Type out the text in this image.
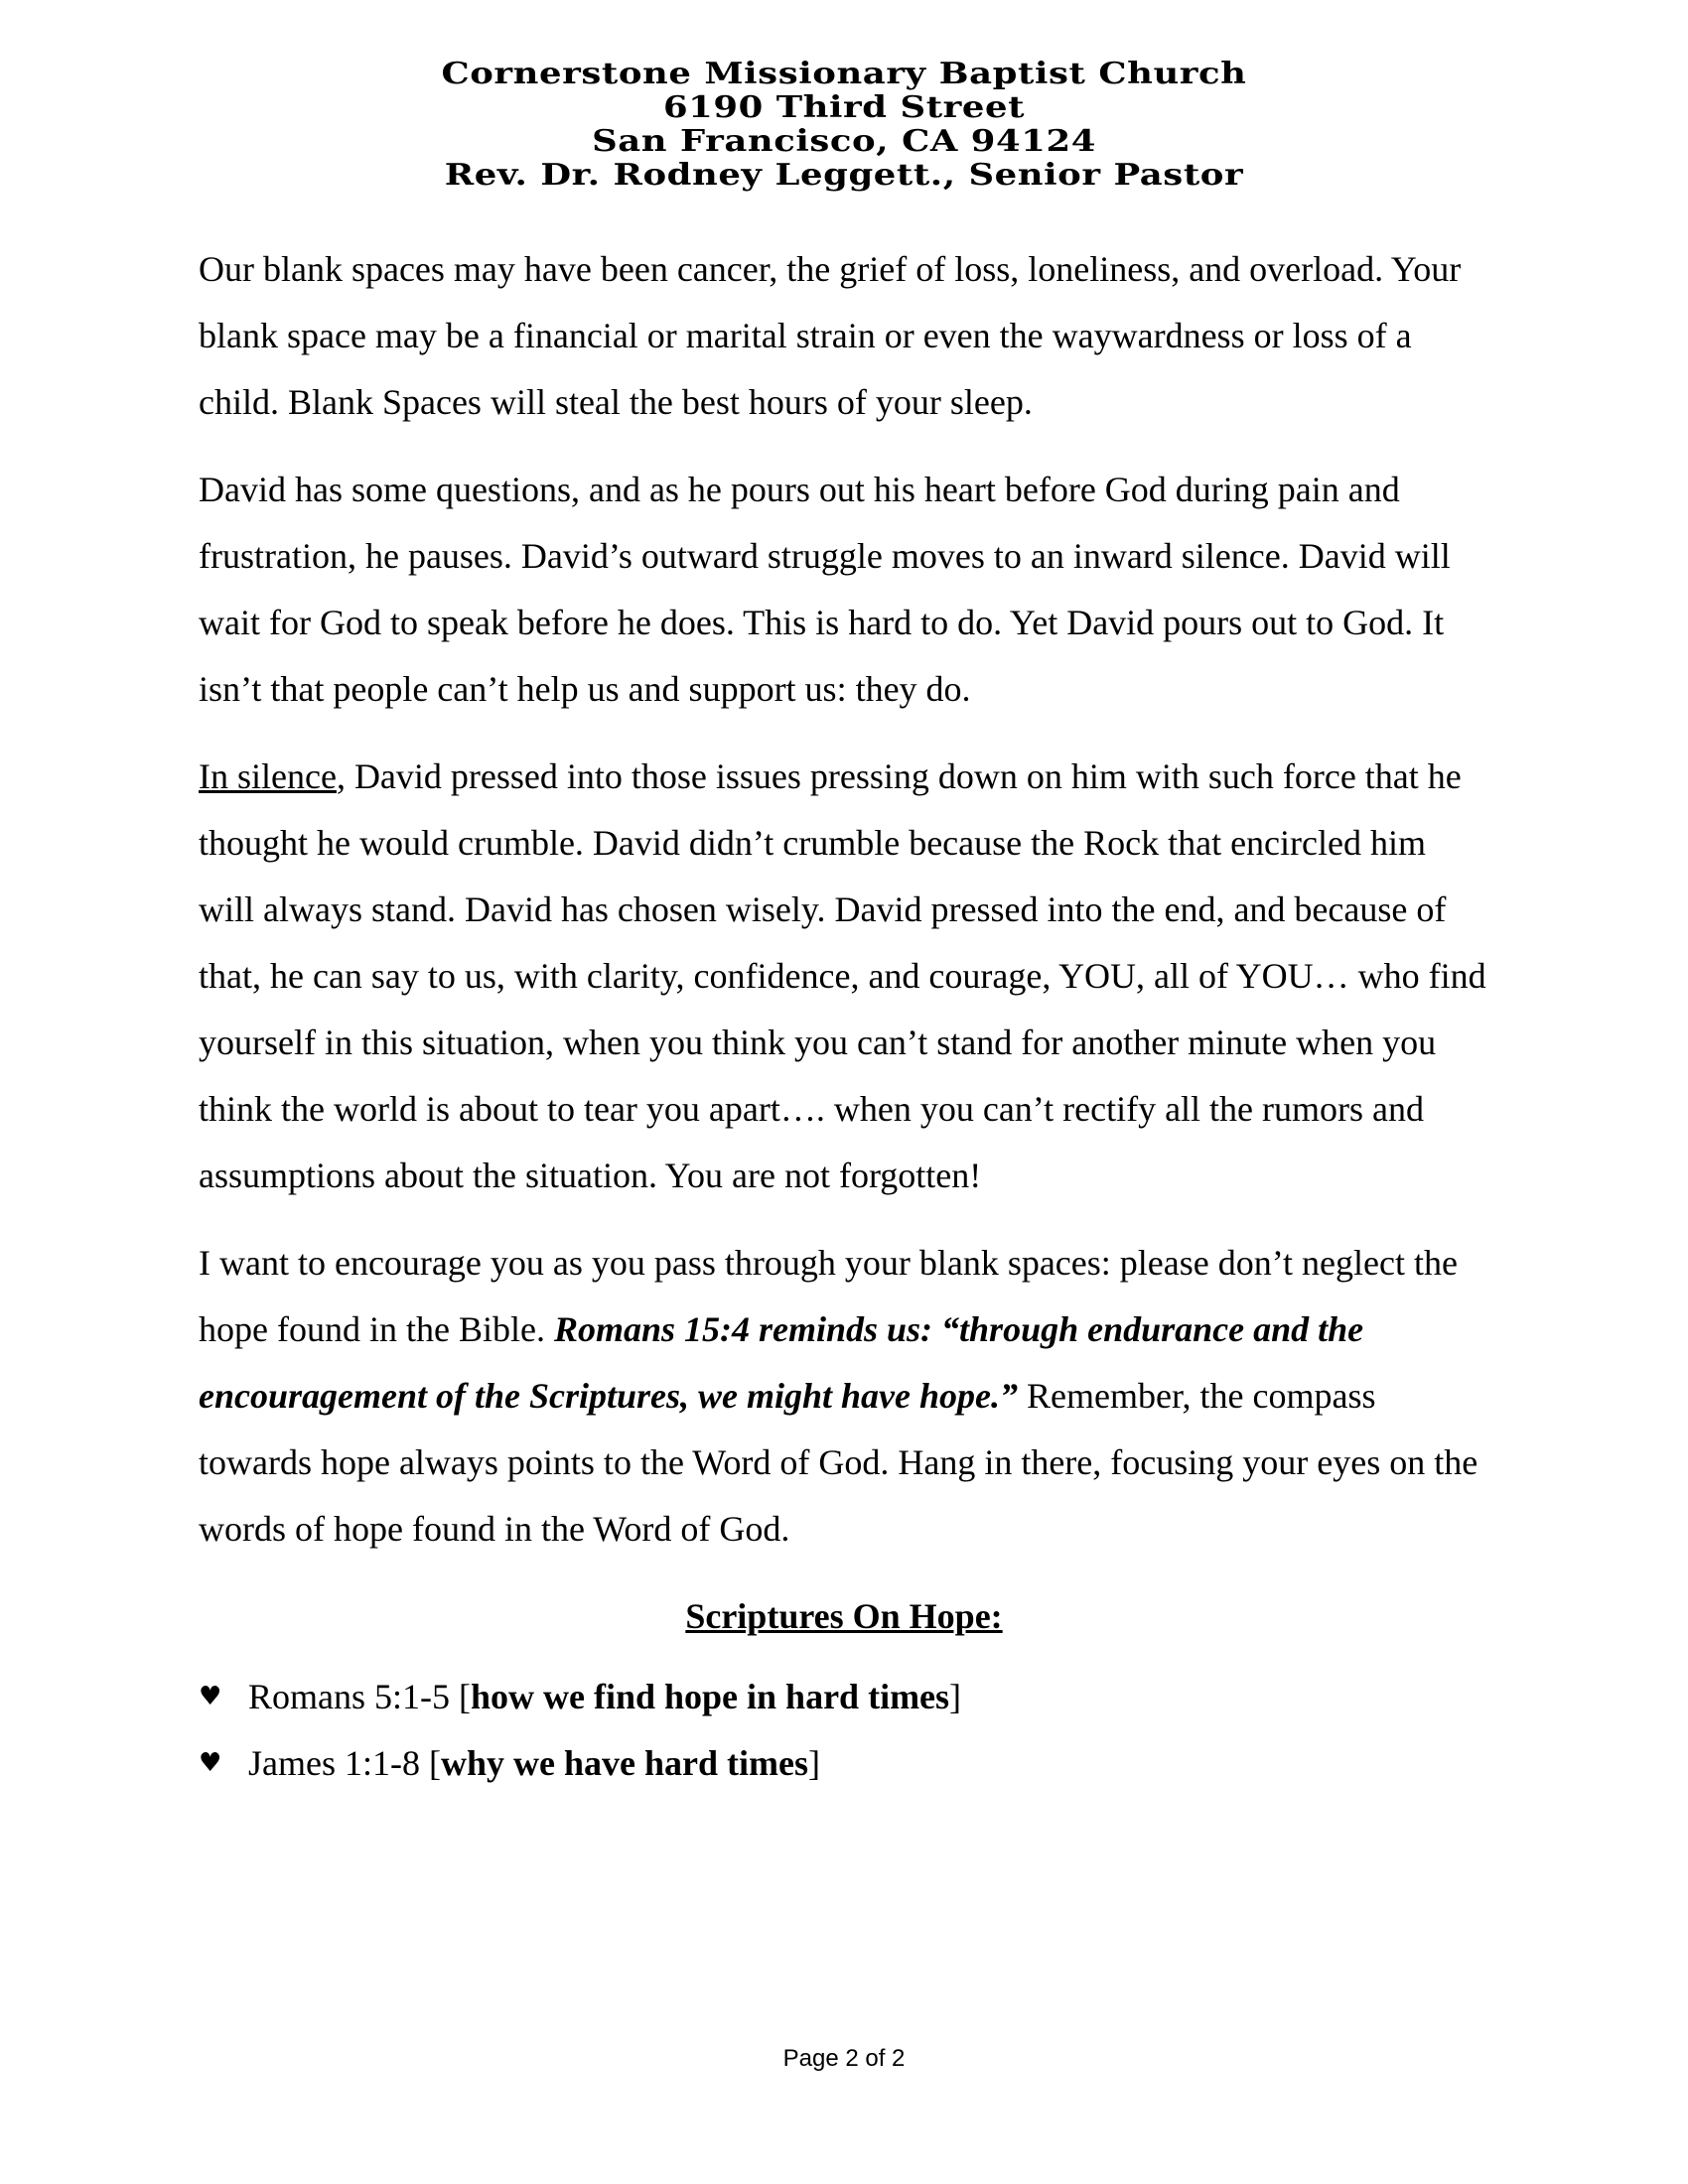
Cornerstone Missionary Baptist Church
6190 Third Street
San Francisco, CA 94124
Rev. Dr. Rodney Leggett., Senior Pastor

Our blank spaces may have been cancer, the grief of loss, loneliness, and overload. Your blank space may be a financial or marital strain or even the waywardness or loss of a child. Blank Spaces will steal the best hours of your sleep.

David has some questions, and as he pours out his heart before God during pain and frustration, he pauses. David’s outward struggle moves to an inward silence. David will wait for God to speak before he does. This is hard to do. Yet David pours out to God. It isn’t that people can’t help us and support us: they do.

In silence, David pressed into those issues pressing down on him with such force that he thought he would crumble. David didn’t crumble because the Rock that encircled him will always stand. David has chosen wisely. David pressed into the end, and because of that, he can say to us, with clarity, confidence, and courage, YOU, all of YOU… who find yourself in this situation, when you think you can’t stand for another minute when you think the world is about to tear you apart…. when you can’t rectify all the rumors and assumptions about the situation. You are not forgotten!

I want to encourage you as you pass through your blank spaces: please don’t neglect the hope found in the Bible. Romans 15:4 reminds us: “through endurance and the encouragement of the Scriptures, we might have hope.” Remember, the compass towards hope always points to the Word of God. Hang in there, focusing your eyes on the words of hope found in the Word of God.

Scriptures On Hope:
♥ Romans 5:1-5 [how we find hope in hard times]
♥ James 1:1-8 [why we have hard times]
Page 2 of 2
